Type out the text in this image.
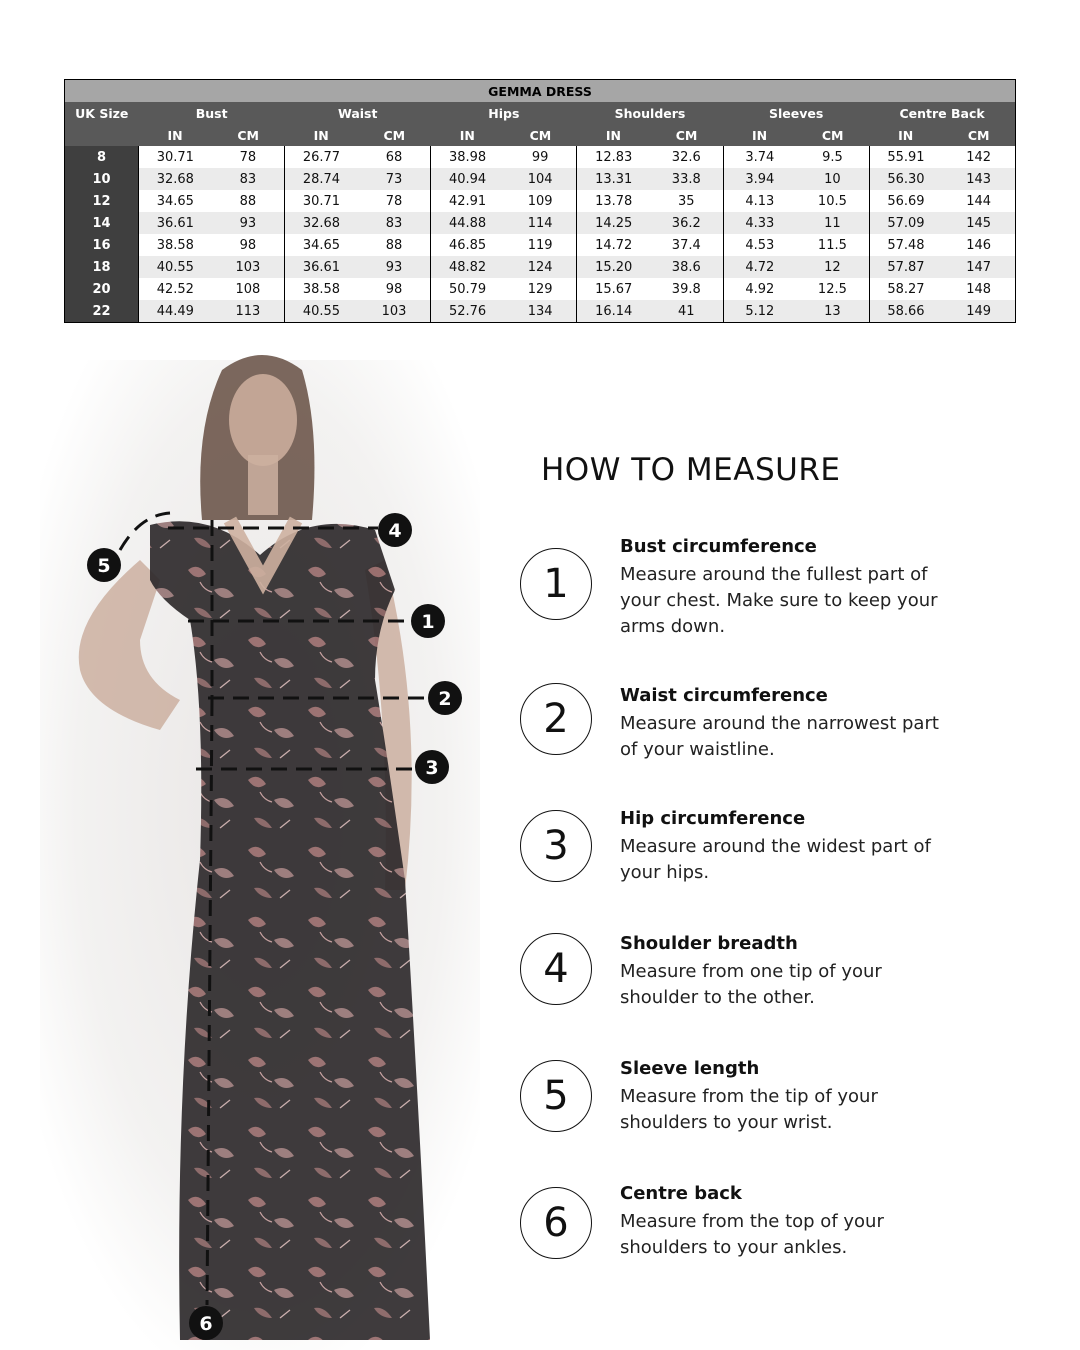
GEMMA DRESS												
UK Size	Bust		Waist		Hips		Shoulders		Sleeves		Centre Back	
	IN	CM	IN	CM	IN	CM	IN	CM	IN	CM	IN	CM
8	30.71	78	26.77	68	38.98	99	12.83	32.6	3.74	9.5	55.91	142
10	32.68	83	28.74	73	40.94	104	13.31	33.8	3.94	10	56.30	143
12	34.65	88	30.71	78	42.91	109	13.78	35	4.13	10.5	56.69	144
14	36.61	93	32.68	83	44.88	114	14.25	36.2	4.33	11	57.09	145
16	38.58	98	34.65	88	46.85	119	14.72	37.4	4.53	11.5	57.48	146
18	40.55	103	36.61	93	48.82	124	15.20	38.6	4.72	12	57.87	147
20	42.52	108	38.58	98	50.79	129	15.67	39.8	4.92	12.5	58.27	148
22	44.49	113	40.55	103	52.76	134	16.14	41	5.12	13	58.66	149
1
2
3
4
5
6
HOW TO MEASURE
1

Bust circumference

Measure around the fullest part of your chest. Make sure to keep your arms down.

2

Waist circumference

Measure around the narrowest part of your waistline.

3

Hip circumference

Measure around the widest part of your hips.

4

Shoulder breadth

Measure from one tip of your shoulder to the other.

5

Sleeve length

Measure from the tip of your shoulders to your wrist.

6

Centre back

Measure from the top of your shoulders to your ankles.
